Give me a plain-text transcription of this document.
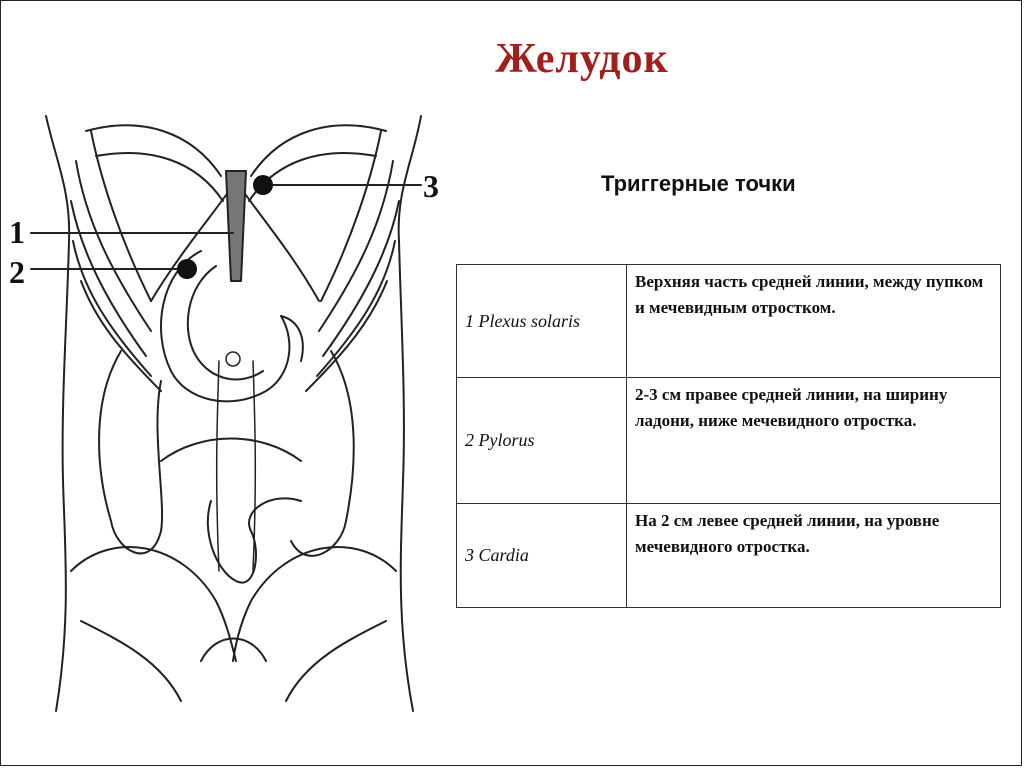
Желудок
1
2
3	Триггерные точки
1 Plexus solaris	Верхняя часть средней линии, между пупком и мечевидным отростком.
2 Pylorus	2-3 см правее средней линии, на ширину ладони, ниже мечевидного отростка.
3 Cardia	На 2 см левее средней линии, на уровне мечевидного отростка.
